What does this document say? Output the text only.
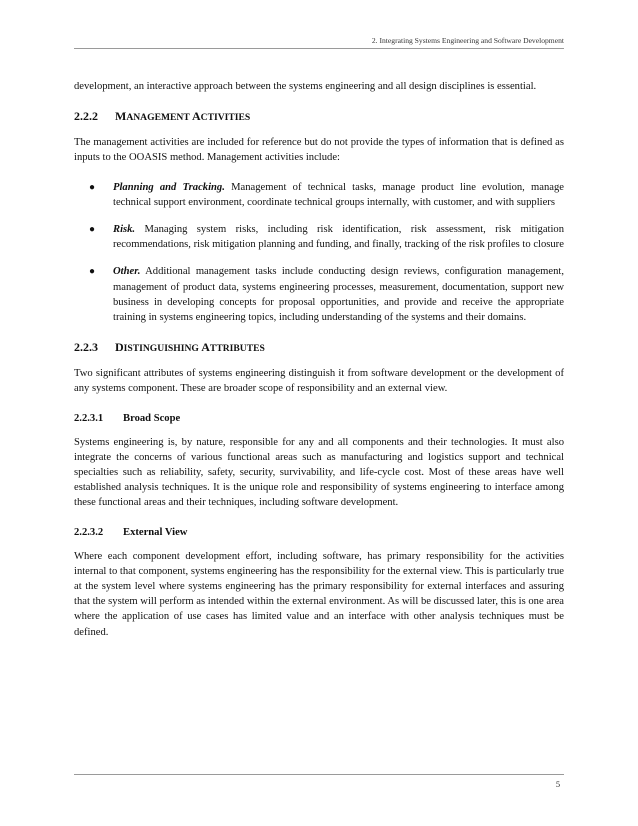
2. Integrating Systems Engineering and Software Development

development, an interactive approach between the systems engineering and all design disciplines is essential.

2.2.2 MANAGEMENT ACTIVITIES

The management activities are included for reference but do not provide the types of information that is defined as inputs to the OOASIS method. Management activities include:

● Planning and Tracking. Management of technical tasks, manage product line evolution, manage technical support environment, coordinate technical groups internally, with customer, and with suppliers
● Risk. Managing system risks, including risk identification, risk assessment, risk mitigation recommendations, risk mitigation planning and funding, and finally, tracking of the risk profiles to closure
● Other. Additional management tasks include conducting design reviews, configuration management, management of product data, systems engineering processes, measurement, documentation, support new business in developing concepts for proposal opportunities, and provide and receive the appropriate training in systems engineering topics, including understanding of the systems and their domains.
2.2.3 DISTINGUISHING ATTRIBUTES

Two significant attributes of systems engineering distinguish it from software development or the development of any systems component. These are broader scope of responsibility and an external view.

2.2.3.1 Broad Scope

Systems engineering is, by nature, responsible for any and all components and their technologies. It must also integrate the concerns of various functional areas such as manufacturing and logistics support and technical specialties such as reliability, safety, security, survivability, and life-cycle cost. Most of these areas have well established analysis techniques. It is the unique role and responsibility of systems engineering to interface among these functional areas and their techniques, including software development.

2.2.3.2 External View

Where each component development effort, including software, has primary responsibility for the activities internal to that component, systems engineering has the responsibility for the external view. This is particularly true at the system level where systems engineering has the primary responsibility for external interfaces and assuring that the system will perform as intended within the external environment. As will be discussed later, this is one area where the application of use cases has limited value and an interface with other analysis techniques must be defined.

5
